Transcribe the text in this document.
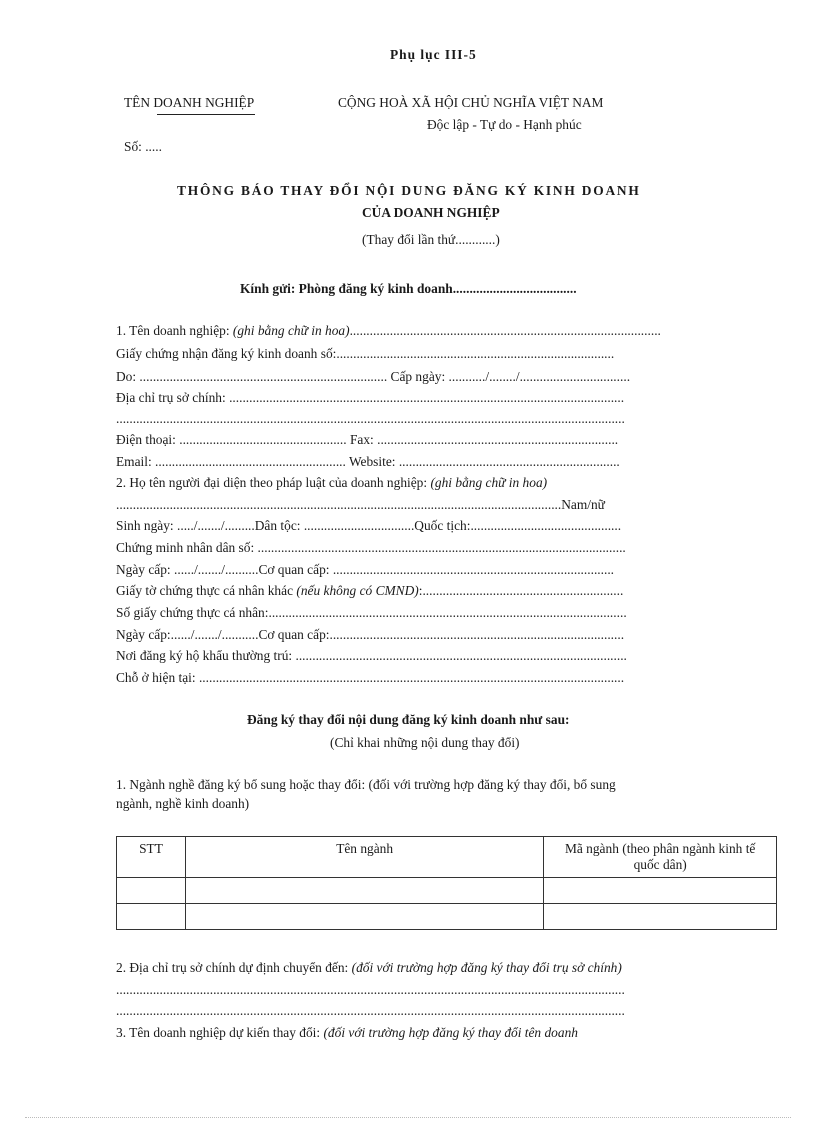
Phụ lục III-5
TÊN DOANH NGHIỆP
Số: .....
CỘNG HOÀ XÃ HỘI CHỦ NGHĨA VIỆT NAM
Độc lập - Tự do - Hạnh phúc
THÔNG BÁO THAY ĐỔI NỘI DUNG ĐĂNG KÝ KINH DOANH
CỦA DOANH NGHIỆP
(Thay đổi lần thứ............)
Kính gửi: Phòng đăng ký kinh doanh.....................................
1. Tên doanh nghiệp: (ghi bằng chữ in hoa).............................................................................................
Giấy chứng nhận đăng ký kinh doanh số:...................................................................................
Do: .......................................................................... Cấp ngày: .........../......../.................................
Địa chỉ trụ sở chính: ......................................................................................................................
........................................................................................................................................................
Điện thoại: .................................................. Fax: ........................................................................
Email: ......................................................... Website: ..................................................................
2. Họ tên người đại diện theo pháp luật của doanh nghiệp: (ghi bằng chữ in hoa)
.....................................................................................................................................Nam/nữ
Sinh ngày: ...../......./.........Dân tộc: .................................Quốc tịch:.............................................
Chứng minh nhân dân số: ..............................................................................................................
Ngày cấp: ....../......./..........Cơ quan cấp: ....................................................................................
Giấy tờ chứng thực cá nhân khác (nếu không có CMND):............................................................
Số giấy chứng thực cá nhân:...........................................................................................................
Ngày cấp:....../......./...........Cơ quan cấp:........................................................................................
Nơi đăng ký hộ khẩu thường trú: ...................................................................................................
Chỗ ở hiện tại: ...............................................................................................................................
Đăng ký thay đổi nội dung đăng ký kinh doanh như sau:
(Chỉ khai những nội dung thay đổi)
1. Ngành nghề đăng ký bổ sung hoặc thay đổi: (đối với trường hợp đăng ký thay đổi, bổ sung
ngành, nghề kinh doanh)
STT	Tên ngành	Mã ngành (theo phân ngành kinh tế quốc dân)

2. Địa chỉ trụ sở chính dự định chuyển đến: (đối với trường hợp đăng ký thay đổi trụ sở chính)
........................................................................................................................................................
........................................................................................................................................................
3. Tên doanh nghiệp dự kiến thay đổi: (đối với trường hợp đăng ký thay đổi tên doanh
